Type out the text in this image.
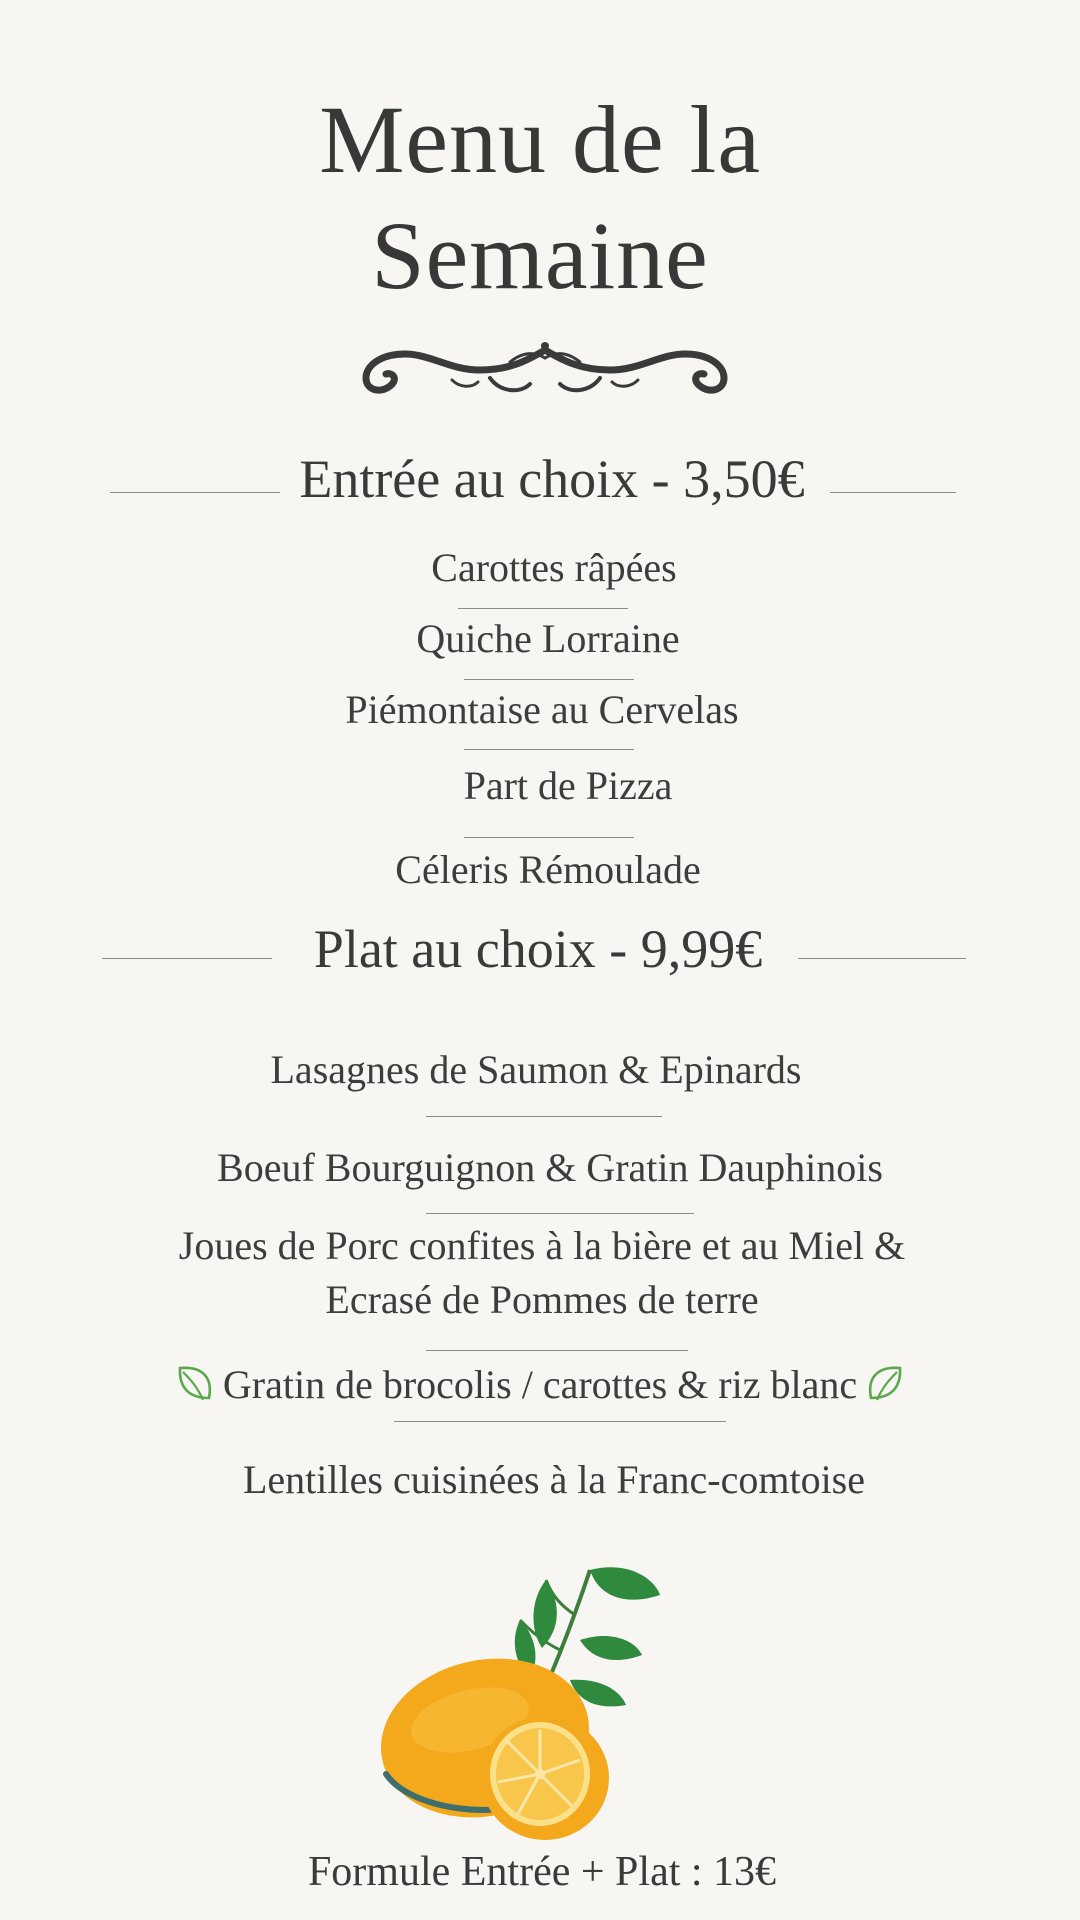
Menu de la
Semaine
Entrée au choix - 3,50€
Carottes râpées
Quiche Lorraine
Piémontaise au Cervelas
Part de Pizza
Céleris Rémoulade
Plat au choix - 9,99€
Lasagnes de Saumon & Epinards
Boeuf Bourguignon & Gratin Dauphinois
Joues de Porc confites à la bière et au Miel &
Ecrasé de Pommes de terre
Gratin de brocolis / carottes & riz blanc
Lentilles cuisinées à la Franc-comtoise
Formule Entrée + Plat : 13€
